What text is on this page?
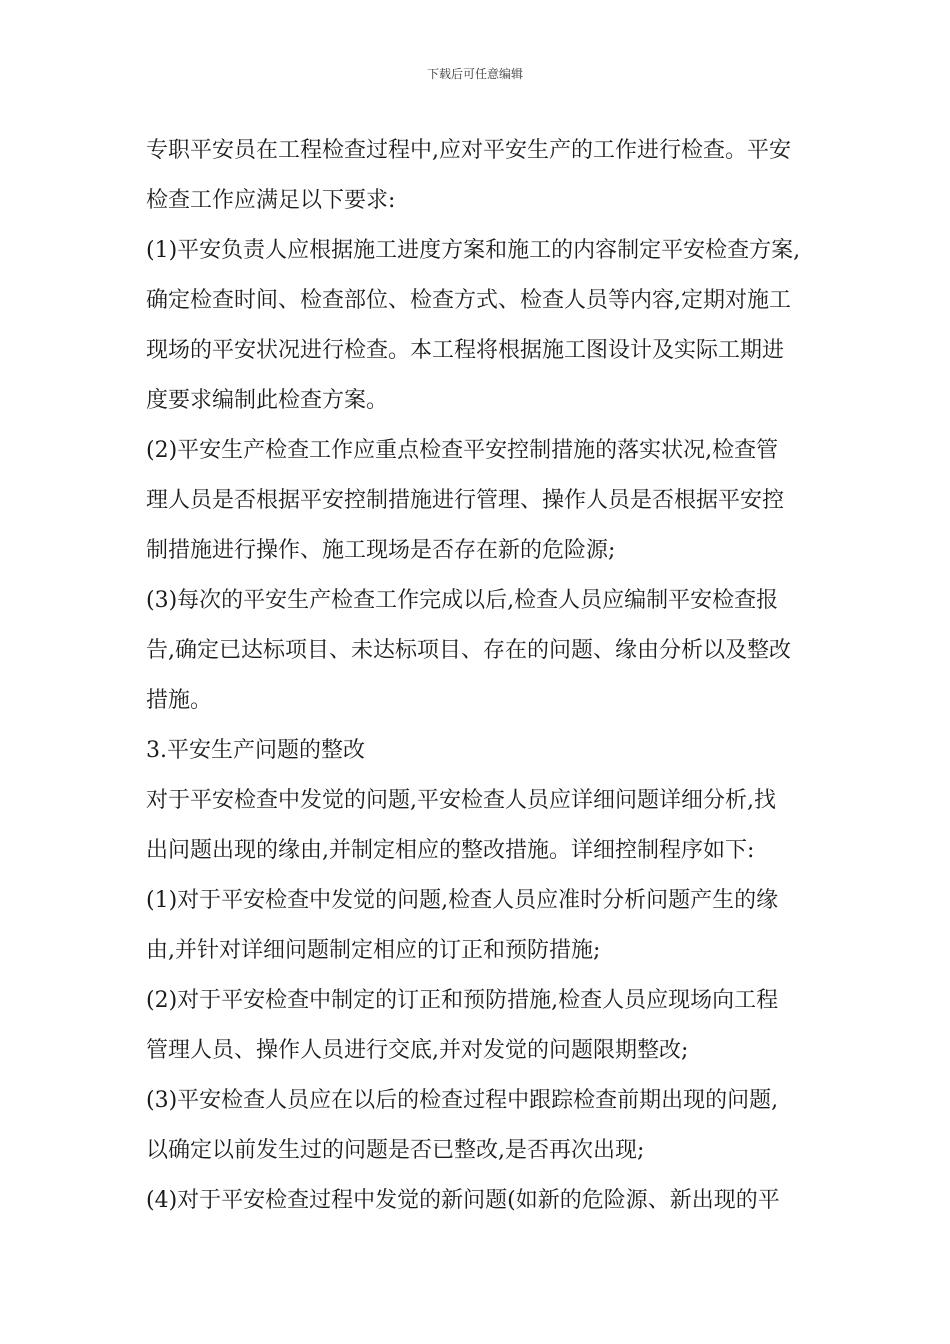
下载后可任意编辑
专职平安员在工程检查过程中,应对平安生产的工作进行检查。平安
检查工作应满足以下要求:
(1)平安负责人应根据施工进度方案和施工的内容制定平安检查方案,
确定检查时间、检查部位、检查方式、检查人员等内容,定期对施工
现场的平安状况进行检查。本工程将根据施工图设计及实际工期进
度要求编制此检查方案。
(2)平安生产检查工作应重点检查平安控制措施的落实状况,检查管
理人员是否根据平安控制措施进行管理、操作人员是否根据平安控
制措施进行操作、施工现场是否存在新的危险源;
(3)每次的平安生产检查工作完成以后,检查人员应编制平安检查报
告,确定已达标项目、未达标项目、存在的问题、缘由分析以及整改
措施。
3.平安生产问题的整改
对于平安检查中发觉的问题,平安检查人员应详细问题详细分析,找
出问题出现的缘由,并制定相应的整改措施。详细控制程序如下:
(1)对于平安检查中发觉的问题,检查人员应准时分析问题产生的缘
由,并针对详细问题制定相应的订正和预防措施;
(2)对于平安检查中制定的订正和预防措施,检查人员应现场向工程
管理人员、操作人员进行交底,并对发觉的问题限期整改;
(3)平安检查人员应在以后的检查过程中跟踪检查前期出现的问题,
以确定以前发生过的问题是否已整改,是否再次出现;
(4)对于平安检查过程中发觉的新问题(如新的危险源、新出现的平
